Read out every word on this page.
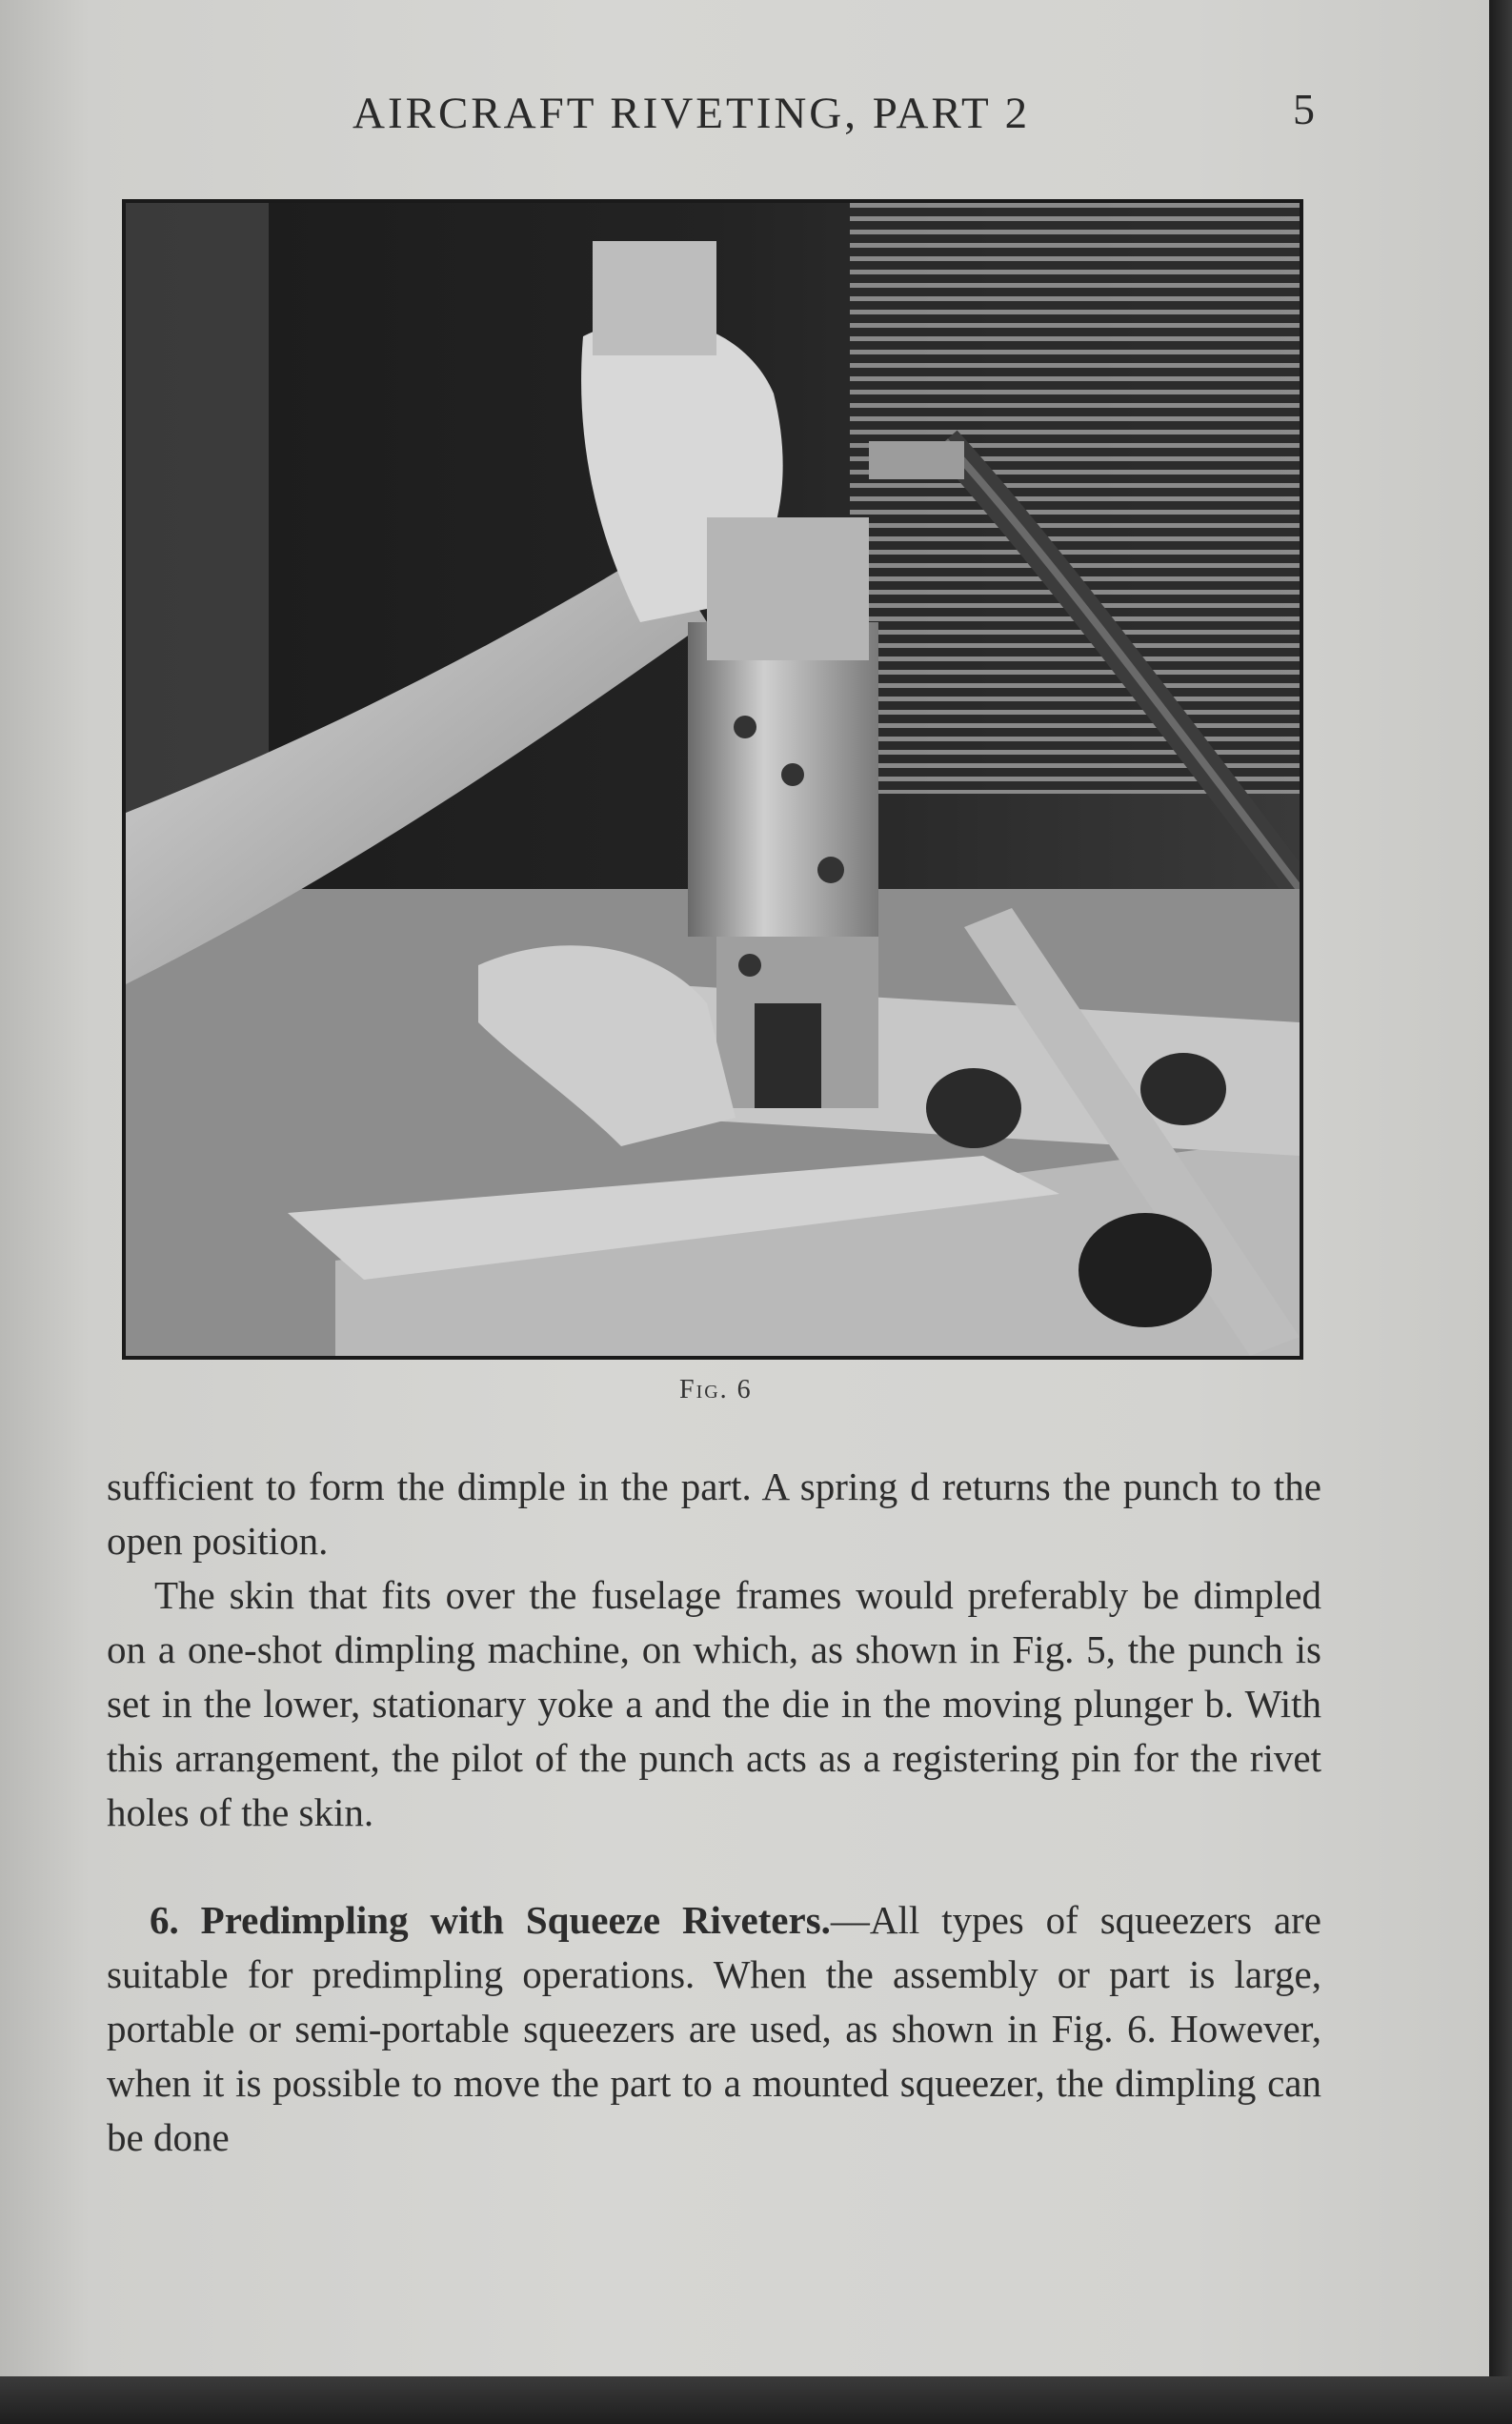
AIRCRAFT RIVETING, PART 2	5
Fig. 6

sufficient to form the dimple in the part. A spring d returns the punch to the open position.

The skin that fits over the fuselage frames would preferably be dimpled on a one-shot dimpling machine, on which, as shown in Fig. 5, the punch is set in the lower, stationary yoke a and the die in the moving plunger b. With this arrangement, the pilot of the punch acts as a registering pin for the rivet holes of the skin.

6. Predimpling with Squeeze Riveters.—All types of squeezers are suitable for predimpling operations. When the assembly or part is large, portable or semi-portable squeezers are used, as shown in Fig. 6. However, when it is possible to move the part to a mounted squeezer, the dimpling can be done
